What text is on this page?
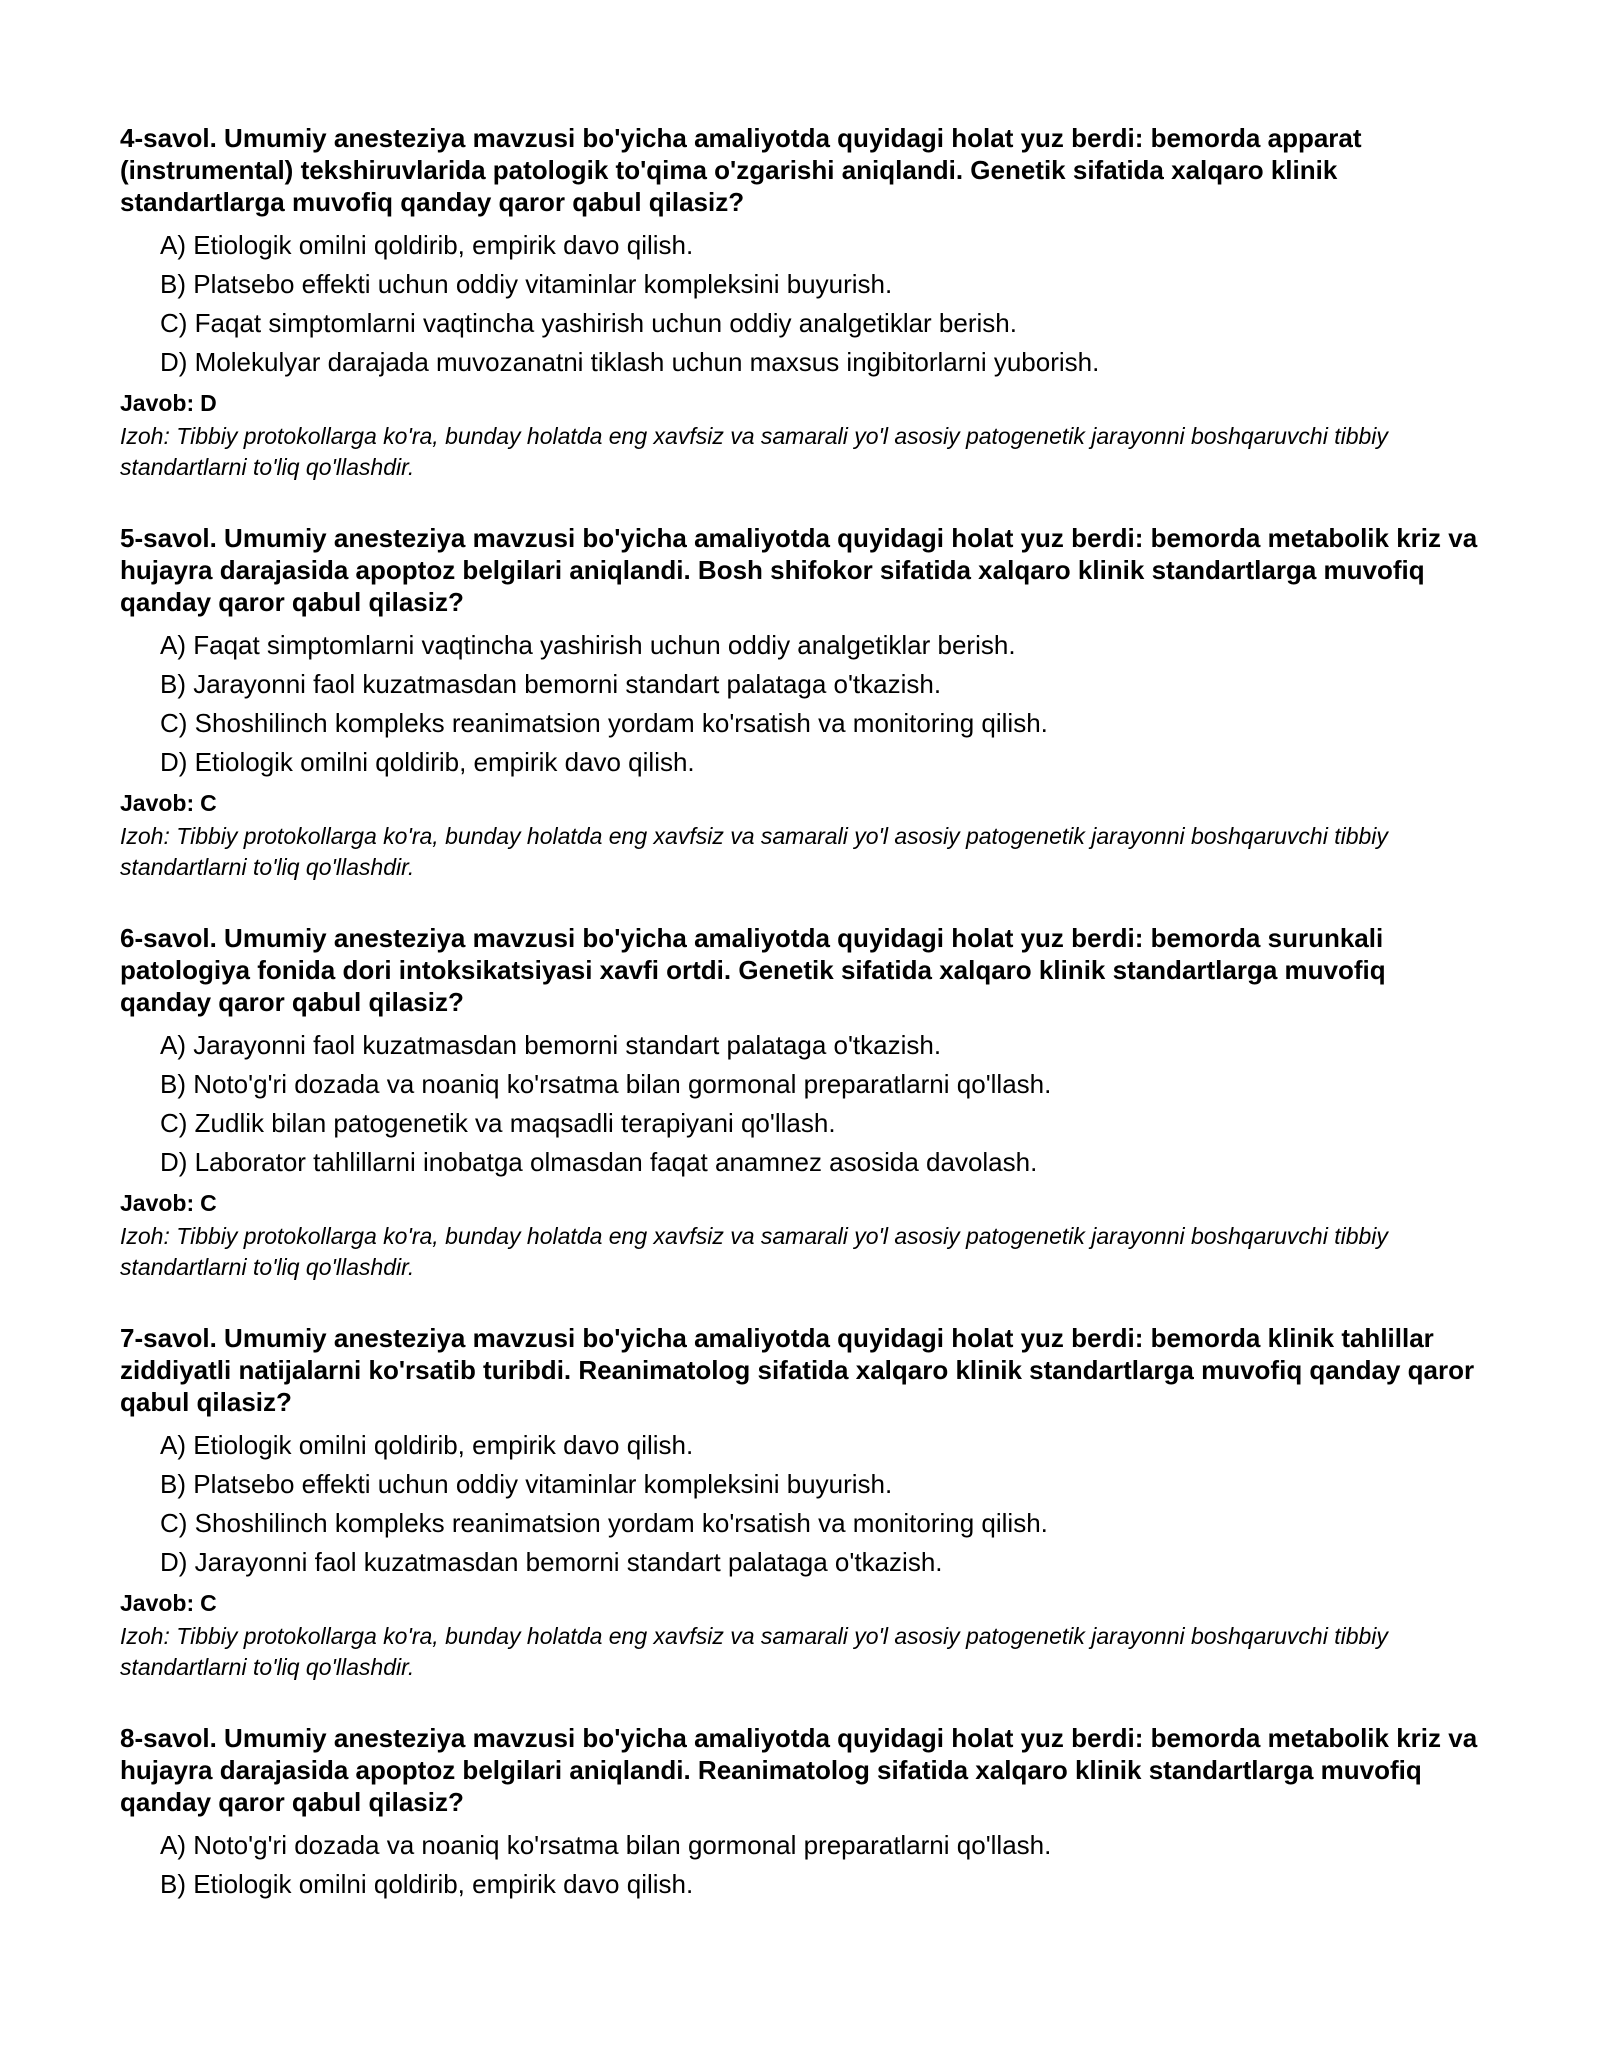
4-savol. Umumiy anesteziya mavzusi bo'yicha amaliyotda quyidagi holat yuz berdi: bemorda apparat (instrumental) tekshiruvlarida patologik to'qima o'zgarishi aniqlandi. Genetik sifatida xalqaro klinik standartlarga muvofiq qanday qaror qabul qilasiz?

A) Etiologik omilni qoldirib, empirik davo qilish.
B) Platsebo effekti uchun oddiy vitaminlar kompleksini buyurish.
C) Faqat simptomlarni vaqtincha yashirish uchun oddiy analgetiklar berish.
D) Molekulyar darajada muvozanatni tiklash uchun maxsus ingibitorlarni yuborish.
Javob: D
Izoh: Tibbiy protokollarga ko'ra, bunday holatda eng xavfsiz va samarali yo'l asosiy patogenetik jarayonni boshqaruvchi tibbiy standartlarni to'liq qo'llashdir.

5-savol. Umumiy anesteziya mavzusi bo'yicha amaliyotda quyidagi holat yuz berdi: bemorda metabolik kriz va hujayra darajasida apoptoz belgilari aniqlandi. Bosh shifokor sifatida xalqaro klinik standartlarga muvofiq qanday qaror qabul qilasiz?

A) Faqat simptomlarni vaqtincha yashirish uchun oddiy analgetiklar berish.
B) Jarayonni faol kuzatmasdan bemorni standart palataga o'tkazish.
C) Shoshilinch kompleks reanimatsion yordam ko'rsatish va monitoring qilish.
D) Etiologik omilni qoldirib, empirik davo qilish.
Javob: C
Izoh: Tibbiy protokollarga ko'ra, bunday holatda eng xavfsiz va samarali yo'l asosiy patogenetik jarayonni boshqaruvchi tibbiy standartlarni to'liq qo'llashdir.

6-savol. Umumiy anesteziya mavzusi bo'yicha amaliyotda quyidagi holat yuz berdi: bemorda surunkali patologiya fonida dori intoksikatsiyasi xavfi ortdi. Genetik sifatida xalqaro klinik standartlarga muvofiq qanday qaror qabul qilasiz?

A) Jarayonni faol kuzatmasdan bemorni standart palataga o'tkazish.
B) Noto'g'ri dozada va noaniq ko'rsatma bilan gormonal preparatlarni qo'llash.
C) Zudlik bilan patogenetik va maqsadli terapiyani qo'llash.
D) Laborator tahlillarni inobatga olmasdan faqat anamnez asosida davolash.
Javob: C
Izoh: Tibbiy protokollarga ko'ra, bunday holatda eng xavfsiz va samarali yo'l asosiy patogenetik jarayonni boshqaruvchi tibbiy standartlarni to'liq qo'llashdir.

7-savol. Umumiy anesteziya mavzusi bo'yicha amaliyotda quyidagi holat yuz berdi: bemorda klinik tahlillar ziddiyatli natijalarni ko'rsatib turibdi. Reanimatolog sifatida xalqaro klinik standartlarga muvofiq qanday qaror qabul qilasiz?

A) Etiologik omilni qoldirib, empirik davo qilish.
B) Platsebo effekti uchun oddiy vitaminlar kompleksini buyurish.
C) Shoshilinch kompleks reanimatsion yordam ko'rsatish va monitoring qilish.
D) Jarayonni faol kuzatmasdan bemorni standart palataga o'tkazish.
Javob: C
Izoh: Tibbiy protokollarga ko'ra, bunday holatda eng xavfsiz va samarali yo'l asosiy patogenetik jarayonni boshqaruvchi tibbiy standartlarni to'liq qo'llashdir.

8-savol. Umumiy anesteziya mavzusi bo'yicha amaliyotda quyidagi holat yuz berdi: bemorda metabolik kriz va hujayra darajasida apoptoz belgilari aniqlandi. Reanimatolog sifatida xalqaro klinik standartlarga muvofiq qanday qaror qabul qilasiz?

A) Noto'g'ri dozada va noaniq ko'rsatma bilan gormonal preparatlarni qo'llash.
B) Etiologik omilni qoldirib, empirik davo qilish.
